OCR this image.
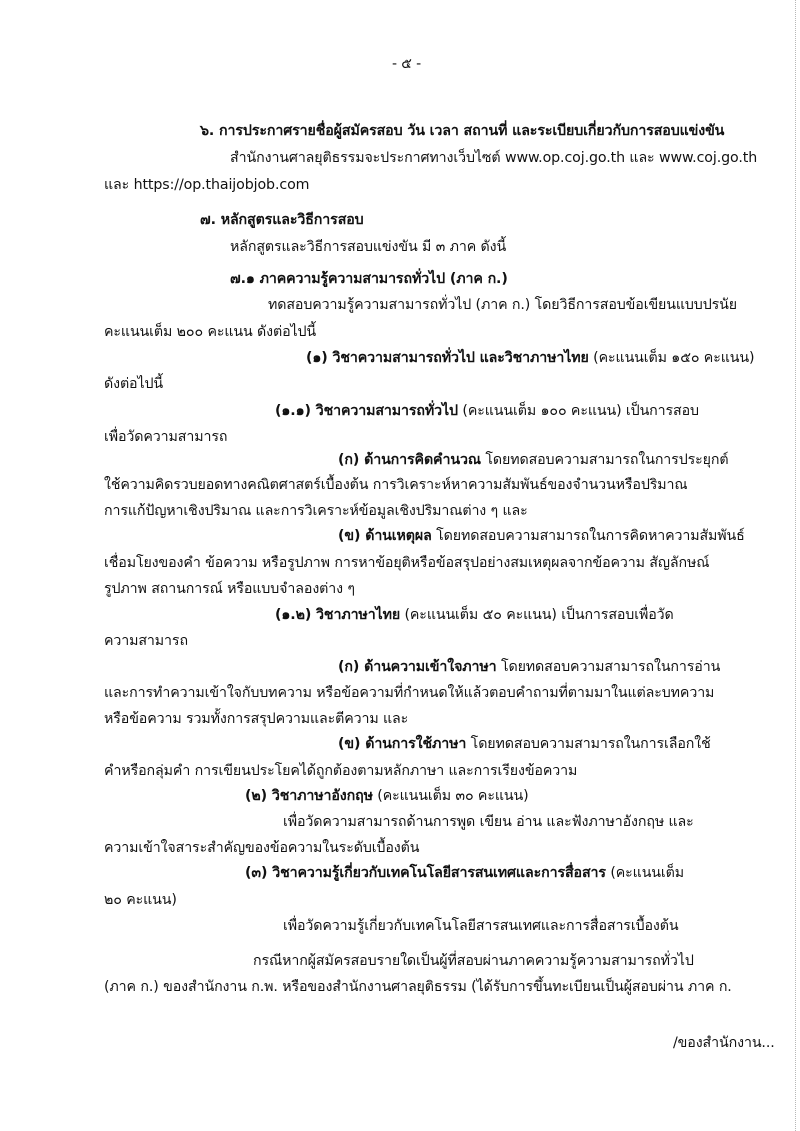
- ๕ -
๖. การประกาศรายชื่อผู้สมัครสอบ วัน เวลา สถานที่ และระเบียบเกี่ยวกับการสอบแข่งขัน
สำนักงานศาลยุติธรรมจะประกาศทางเว็บไซต์ www.op.coj.go.th และ www.coj.go.th
และ https://op.thaijobjob.com
๗. หลักสูตรและวิธีการสอบ
หลักสูตรและวิธีการสอบแข่งขัน มี ๓ ภาค ดังนี้
๗.๑ ภาคความรู้ความสามารถทั่วไป (ภาค ก.)
ทดสอบความรู้ความสามารถทั่วไป (ภาค ก.) โดยวิธีการสอบข้อเขียนแบบปรนัย
คะแนนเต็ม ๒๐๐ คะแนน ดังต่อไปนี้
(๑) วิชาความสามารถทั่วไป และวิชาภาษาไทย (คะแนนเต็ม ๑๕๐ คะแนน)
ดังต่อไปนี้
(๑.๑) วิชาความสามารถทั่วไป (คะแนนเต็ม ๑๐๐ คะแนน) เป็นการสอบ
เพื่อวัดความสามารถ
(ก) ด้านการคิดคำนวณ โดยทดสอบความสามารถในการประยุกต์
ใช้ความคิดรวบยอดทางคณิตศาสตร์เบื้องต้น การวิเคราะห์หาความสัมพันธ์ของจำนวนหรือปริมาณ
การแก้ปัญหาเชิงปริมาณ และการวิเคราะห์ข้อมูลเชิงปริมาณต่าง ๆ และ
(ข) ด้านเหตุผล โดยทดสอบความสามารถในการคิดหาความสัมพันธ์
เชื่อมโยงของคำ ข้อความ หรือรูปภาพ การหาข้อยุติหรือข้อสรุปอย่างสมเหตุผลจากข้อความ สัญลักษณ์
รูปภาพ สถานการณ์ หรือแบบจำลองต่าง ๆ
(๑.๒) วิชาภาษาไทย (คะแนนเต็ม ๕๐ คะแนน) เป็นการสอบเพื่อวัด
ความสามารถ
(ก) ด้านความเข้าใจภาษา โดยทดสอบความสามารถในการอ่าน
และการทำความเข้าใจกับบทความ หรือข้อความที่กำหนดให้แล้วตอบคำถามที่ตามมาในแต่ละบทความ
หรือข้อความ รวมทั้งการสรุปความและตีความ และ
(ข) ด้านการใช้ภาษา โดยทดสอบความสามารถในการเลือกใช้
คำหรือกลุ่มคำ การเขียนประโยคได้ถูกต้องตามหลักภาษา และการเรียงข้อความ
(๒) วิชาภาษาอังกฤษ (คะแนนเต็ม ๓๐ คะแนน)
เพื่อวัดความสามารถด้านการพูด เขียน อ่าน และฟังภาษาอังกฤษ และ
ความเข้าใจสาระสำคัญของข้อความในระดับเบื้องต้น
(๓) วิชาความรู้เกี่ยวกับเทคโนโลยีสารสนเทศและการสื่อสาร (คะแนนเต็ม
๒๐ คะแนน)
เพื่อวัดความรู้เกี่ยวกับเทคโนโลยีสารสนเทศและการสื่อสารเบื้องต้น
กรณีหากผู้สมัครสอบรายใดเป็นผู้ที่สอบผ่านภาคความรู้ความสามารถทั่วไป
(ภาค ก.) ของสำนักงาน ก.พ. หรือของสำนักงานศาลยุติธรรม (ได้รับการขึ้นทะเบียนเป็นผู้สอบผ่าน ภาค ก.
/ของสำนักงาน...
